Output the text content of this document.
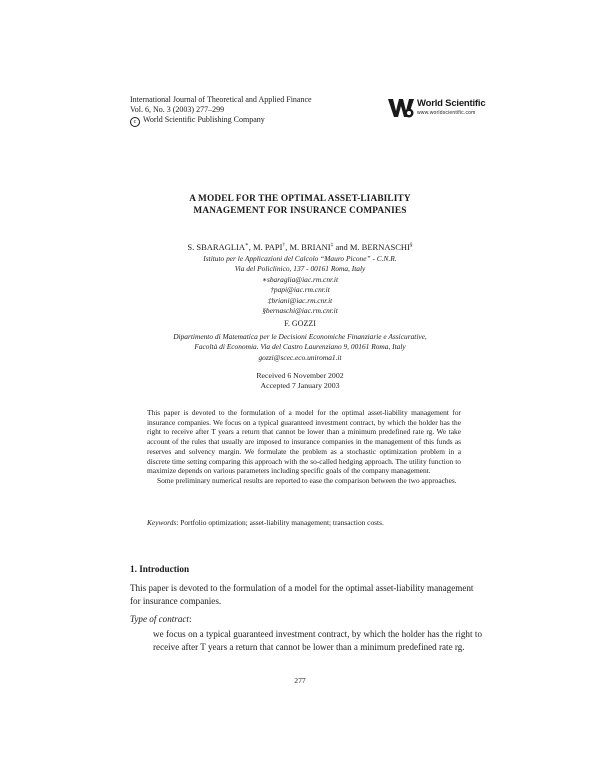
International Journal of Theoretical and Applied Finance
Vol. 6, No. 3 (2003) 277–299
c World Scientific Publishing Company
World Scientific
www.worldscientific.com
A MODEL FOR THE OPTIMAL ASSET-LIABILITY
MANAGEMENT FOR INSURANCE COMPANIES
S. SBARAGLIA∗, M. PAPI†, M. BRIANI‡ and M. BERNASCHI§
Istituto per le Applicazioni del Calcolo “Mauro Picone” - C.N.R.
Via del Policlinico, 137 - 00161 Roma, Italy
∗sbaraglia@iac.rm.cnr.it
†papi@iac.rm.cnr.it
‡briani@iac.rm.cnr.it
§bernaschi@iac.rm.cnr.it
F. GOZZI
Dipartimento di Matematica per le Decisioni Economiche Finanziarie e Assicurative,
Facoltà di Economia. Via del Castro Laurenziano 9, 00161 Roma, Italy
gozzi@scec.eco.uniroma1.it
Received 6 November 2002
Accepted 7 January 2003

This paper is devoted to the formulation of a model for the optimal asset-liability management for insurance companies. We focus on a typical guaranteed investment contract, by which the holder has the right to receive after T years a return that cannot be lower than a minimum predefined rate rg. We take account of the rules that usually are imposed to insurance companies in the management of this funds as reserves and solvency margin. We formulate the problem as a stochastic optimization problem in a discrete time setting comparing this approach with the so-called hedging approach. The utility function to maximize depends on various parameters including specific goals of the company management.

Some preliminary numerical results are reported to ease the comparison between the two approaches.

Keywords: Portfolio optimization; asset-liability management; transaction costs.
1. Introduction
This paper is devoted to the formulation of a model for the optimal asset-liability management for insurance companies.
Type of contract:
we focus on a typical guaranteed investment contract, by which the holder has the right to receive after T years a return that cannot be lower than a minimum predefined rate rg.
277
